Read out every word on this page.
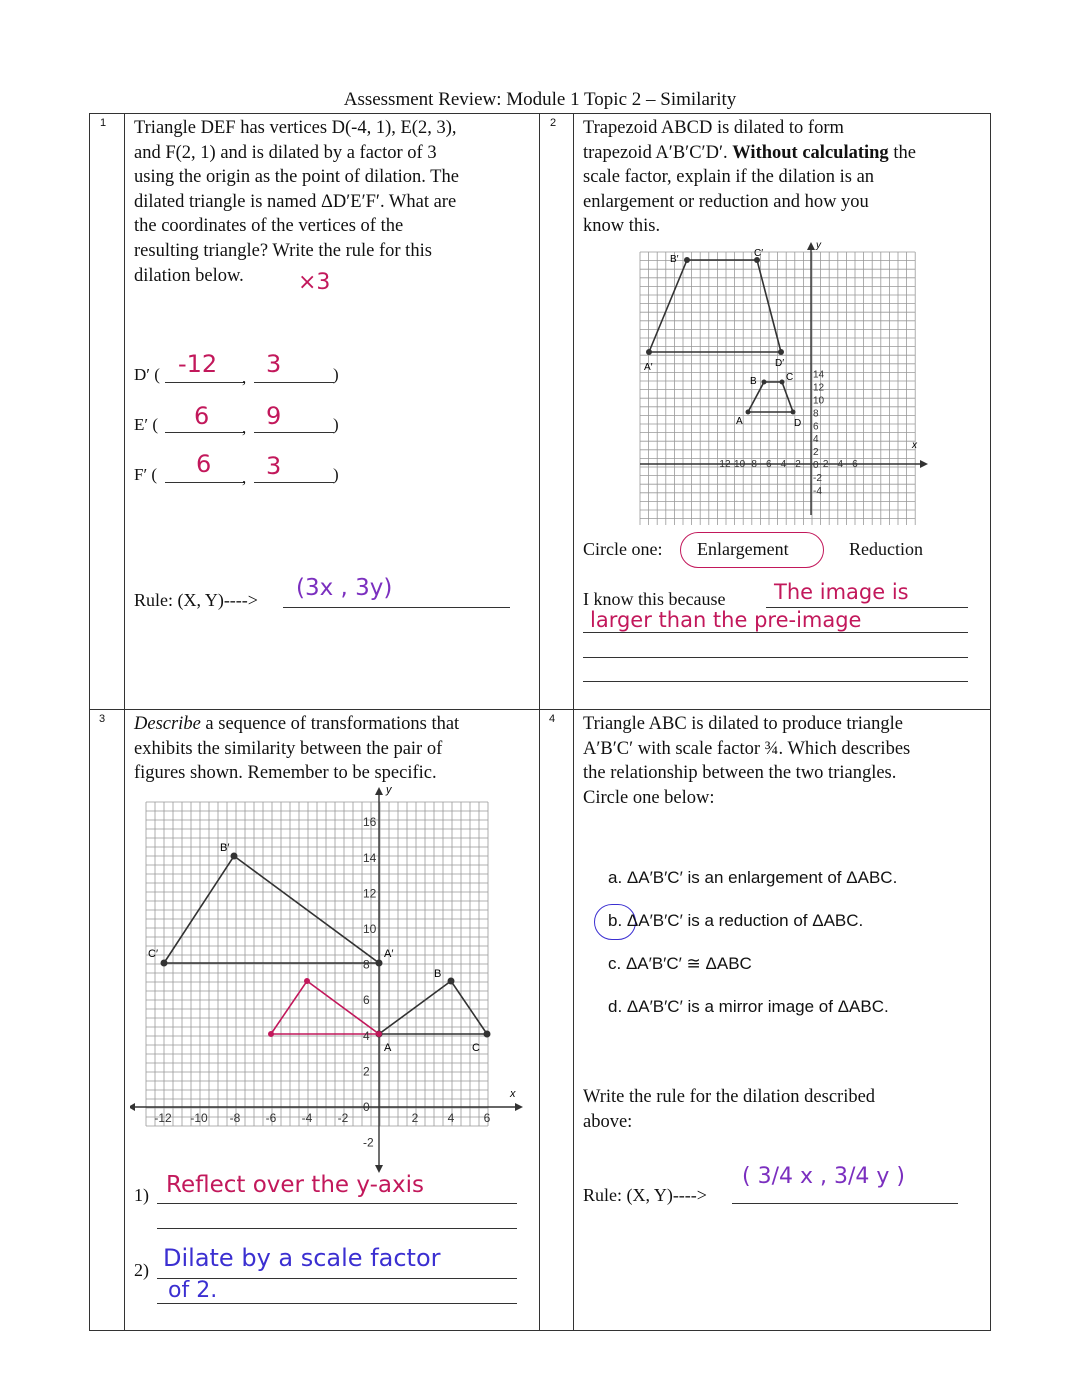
Assessment Review: Module 1 Topic 2 – Similarity
1	2
3	4
Triangle DEF has vertices D(-4, 1), E(2, 3),
and F(2, 1) and is dilated by a factor of 3
using the origin as the point of dilation. The
dilated triangle is named ΔD′E′F′. What are
the coordinates of the vertices of the
resulting triangle? Write the rule for this
dilation below.	×3
D′ ( -12 3	)
,
E′ ( 6 9	)
,
F′ ( 6 3	)
,
Rule: (X, Y)----> (3x , 3y)
Trapezoid ABCD is dilated to form
trapezoid A′B′C′D′. Without calculating the
scale factor, explain if the dilation is an
enlargement or reduction and how you
know this.
y
x
A′
B′
C′
D′
A
B	C
D
14
12
10
8
6
4
2
0
-2
-4
-12 -10 -8 -6 -4 -2 2 4 6
Circle one: Enlargement	Reduction
I know this because The image is
larger than the pre-image
Describe a sequence of transformations that
exhibits the similarity between the pair of
figures shown. Remember to be specific.
y
x
A′
B′
C′
A
B
C
16
14
12
10
8
6
4
2
0
-2
-12 -10 -8 -6 -4 -2	2 4 6
1) Reflect over the y-axis
2) Dilate by a scale factor
of 2.
Triangle ABC is dilated to produce triangle
A′B′C′ with scale factor ¾. Which describes
the relationship between the two triangles.
Circle one below:
a. ΔA′B′C′ is an enlargement of ΔABC.
b. ΔA′B′C′ is a reduction of ΔABC.
c. ΔA′B′C′ ≅ ΔABC
d. ΔA′B′C′ is a mirror image of ΔABC.
Write the rule for the dilation described
above:
Rule: (X, Y)---->
( 3/4 x , 3/4 y )
